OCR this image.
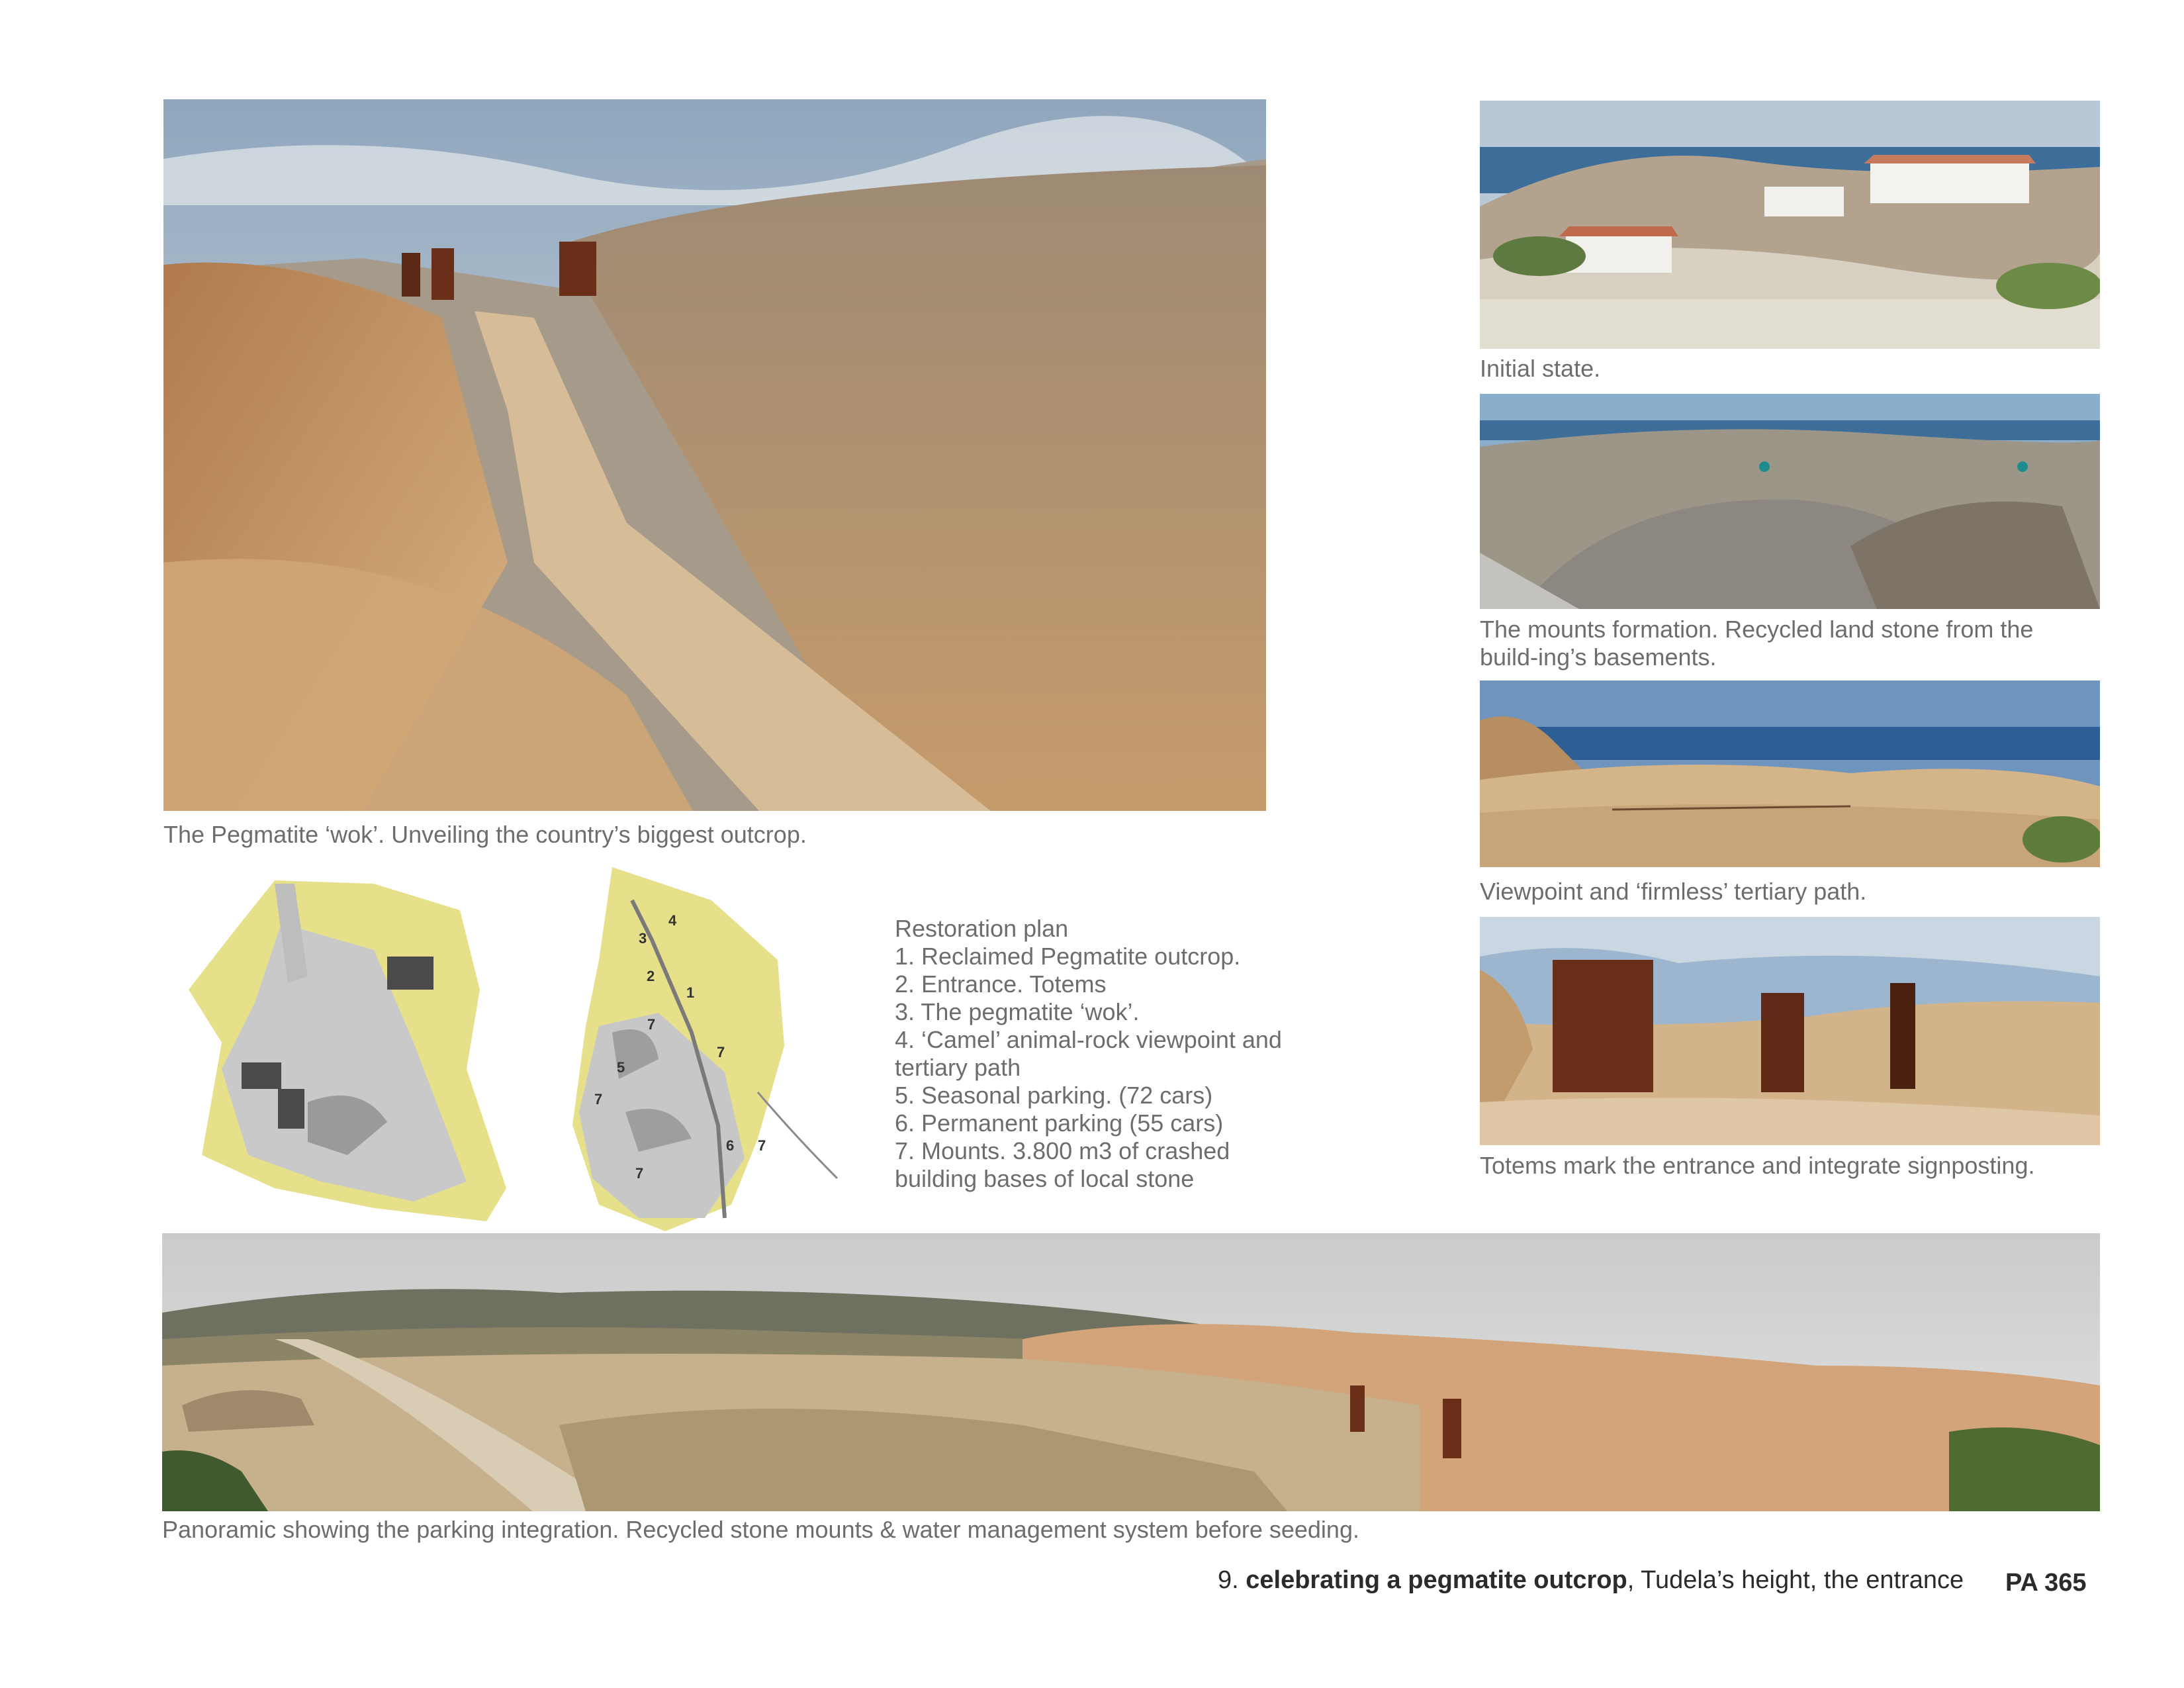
The Pegmatite ‘wok’. Unveiling the country’s biggest outcrop.
Initial state.
The mounts formation. Recycled land stone from the build-ing’s basements.
Viewpoint and ‘firmless’ tertiary path.
Totems mark the entrance and integrate signposting.
4
3
2
1
7
7
5
7
6 7
7
Restoration plan
1. Reclaimed Pegmatite outcrop.
2. Entrance. Totems
3. The pegmatite ‘wok’.
4. ‘Camel’ animal-rock viewpoint and
tertiary path
5. Seasonal parking. (72 cars)
6. Permanent parking (55 cars)
7. Mounts. 3.800 m3 of crashed
building bases of local stone
Panoramic showing the parking integration. Recycled stone mounts & water management system before seeding.
9. celebrating a pegmatite outcrop, Tudela’s height, the entrance PA 365
